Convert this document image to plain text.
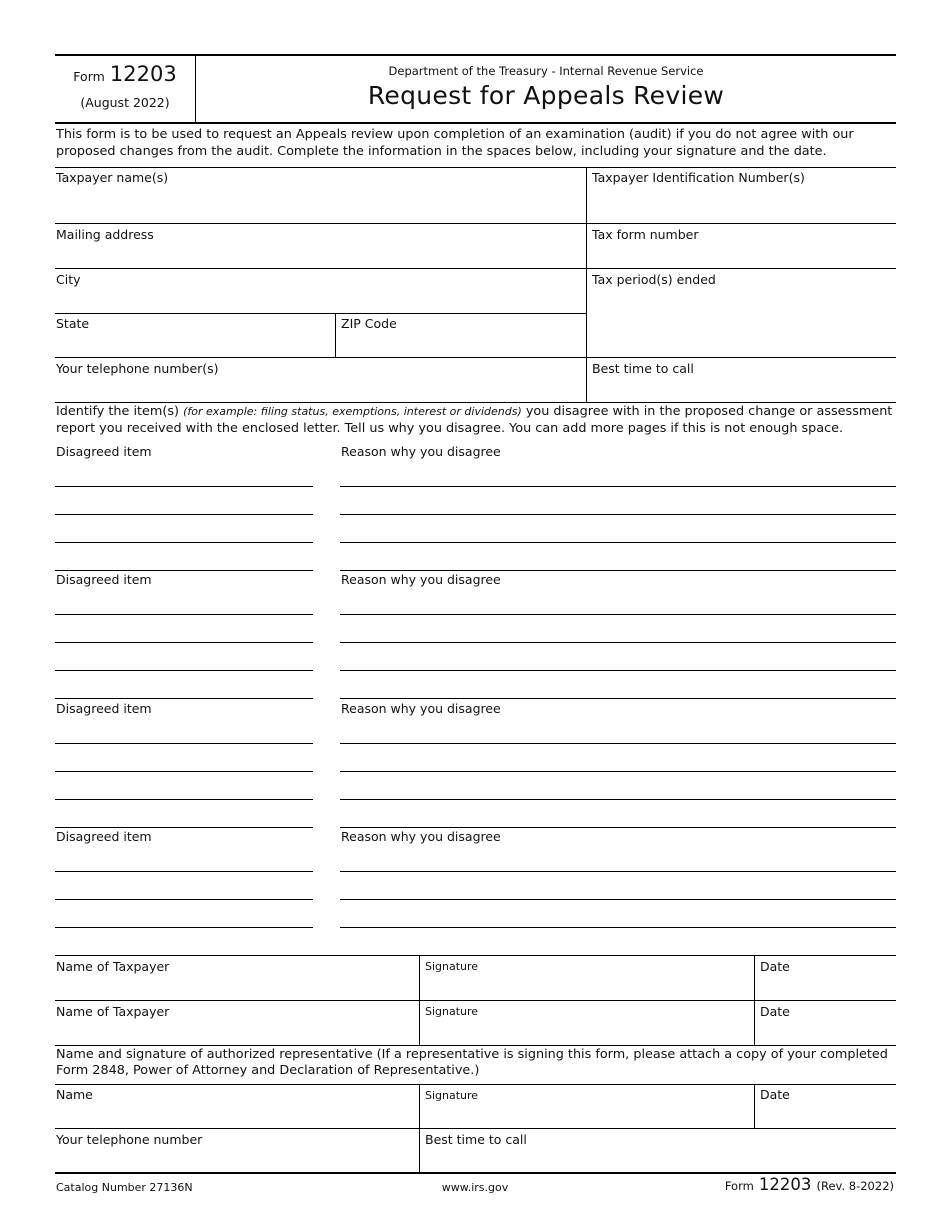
Form 12203
(August 2022)
Department of the Treasury - Internal Revenue Service
Request for Appeals Review
This form is to be used to request an Appeals review upon completion of an examination (audit) if you do not agree with our proposed changes from the audit. Complete the information in the spaces below, including your signature and the date.
Taxpayer name(s)	Taxpayer Identification Number(s)
Mailing address	Tax form number
City	Tax period(s) ended
State	ZIP Code
Your telephone number(s)	Best time to call
Identify the item(s) (for example: filing status, exemptions, interest or dividends) you disagree with in the proposed change or assessment report you received with the enclosed letter. Tell us why you disagree. You can add more pages if this is not enough space.
Disagreed item	Reason why you disagree
Disagreed item	Reason why you disagree
Disagreed item	Reason why you disagree
Disagreed item	Reason why you disagree
Name of Taxpayer	Signature	Date
Name of Taxpayer	Signature	Date
Name and signature of authorized representative (If a representative is signing this form, please attach a copy of your completed Form 2848, Power of Attorney and Declaration of Representative.)
Name	Signature	Date
Your telephone number	Best time to call
Catalog Number 27136N	www.irs.gov	Form 12203 (Rev. 8-2022)
